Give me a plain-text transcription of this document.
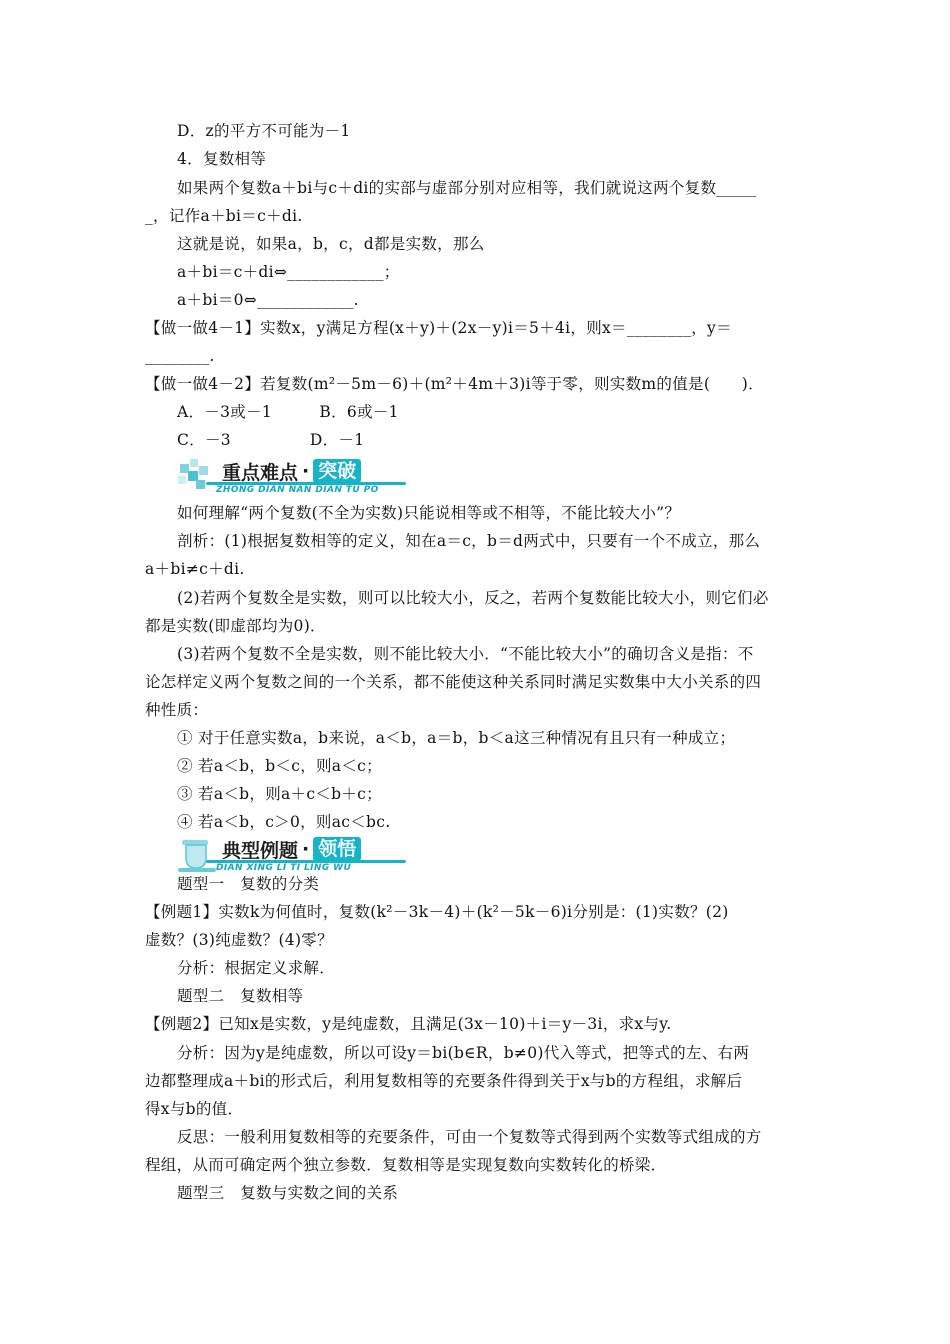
D．z的平方不可能为－1
4．复数相等
如果两个复数a＋bi与c＋di的实部与虚部分别对应相等，我们就说这两个复数_____
_，记作a＋bi＝c＋di.
这就是说，如果a，b，c，d都是实数，那么
a＋bi＝c＋di⇔____________；
a＋bi＝0⇔____________.
【做一做4－1】实数x，y满足方程(x＋y)＋(2x－y)i＝5＋4i，则x＝________，y＝
________.
【做一做4－2】若复数(m²－5m－6)＋(m²＋4m＋3)i等于零，则实数m的值是(　　)．
A．－3或－1　　　B．6或－1
C．－3　　　　　D．－1
重点难点 · 突破
ZHONG DIAN NAN DIAN TU PO
如何理解“两个复数(不全为实数)只能说相等或不相等，不能比较大小”？
剖析：(1)根据复数相等的定义，知在a＝c，b＝d两式中，只要有一个不成立，那么
a＋bi≠c＋di.
(2)若两个复数全是实数，则可以比较大小，反之，若两个复数能比较大小，则它们必
都是实数(即虚部均为0)．
(3)若两个复数不全是实数，则不能比较大小．“不能比较大小”的确切含义是指：不
论怎样定义两个复数之间的一个关系，都不能使这种关系同时满足实数集中大小关系的四
种性质：
① 对于任意实数a，b来说，a＜b，a＝b，b＜a这三种情况有且只有一种成立；
② 若a＜b，b＜c，则a＜c；
③ 若a＜b，则a＋c＜b＋c；
④ 若a＜b，c＞0，则ac＜bc.
典型例题 · 领悟
DIAN XING LI TI LING WU
题型一　复数的分类
【例题1】实数k为何值时，复数(k²－3k－4)＋(k²－5k－6)i分别是：(1)实数？(2)
虚数？(3)纯虚数？(4)零？
分析：根据定义求解．
题型二　复数相等
【例题2】已知x是实数，y是纯虚数，且满足(3x－10)＋i＝y－3i，求x与y.
分析：因为y是纯虚数，所以可设y＝bi(b∈R，b≠0)代入等式，把等式的左、右两
边都整理成a＋bi的形式后，利用复数相等的充要条件得到关于x与b的方程组，求解后
得x与b的值．
反思：一般利用复数相等的充要条件，可由一个复数等式得到两个实数等式组成的方
程组，从而可确定两个独立参数．复数相等是实现复数向实数转化的桥梁．
题型三　复数与实数之间的关系
